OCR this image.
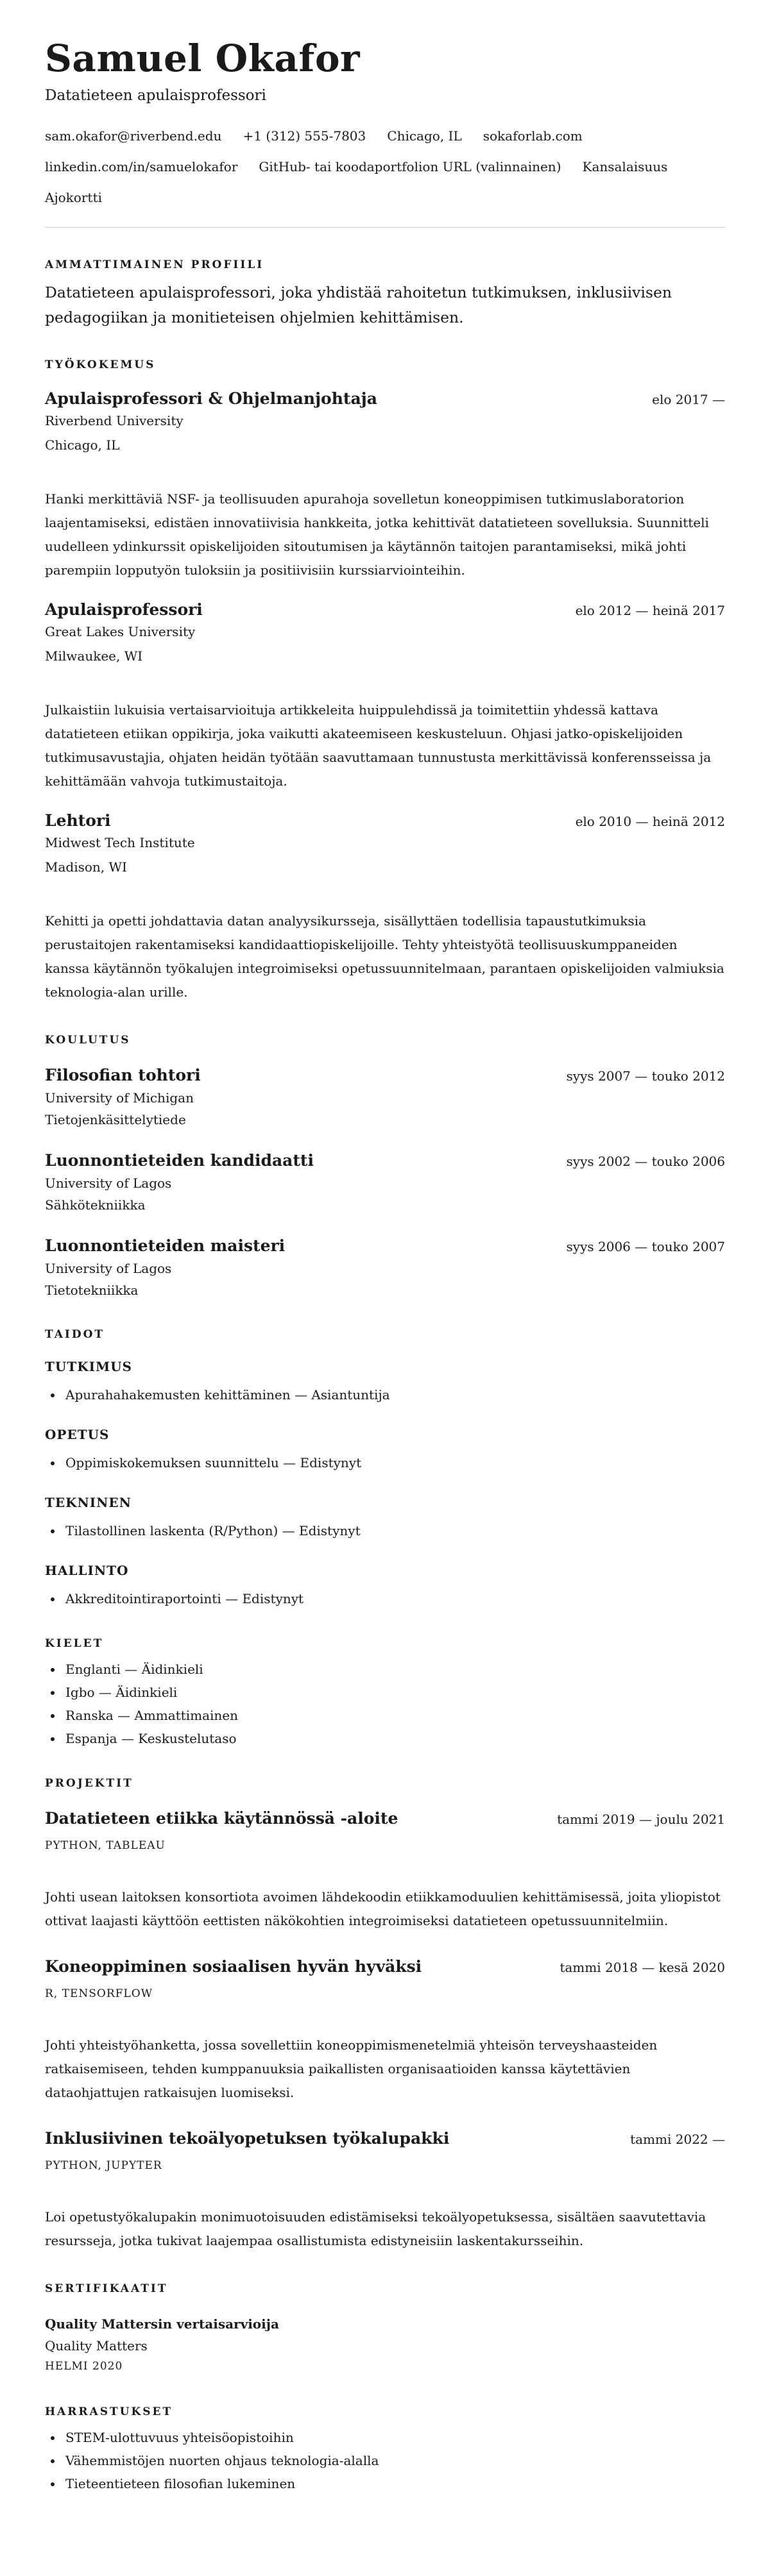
Samuel Okafor
Datatieteen apulaisprofessori
sam.okafor@riverbend.edu +1 (312) 555-7803 Chicago, IL sokaforlab.com
linkedin.com/in/samuelokafor GitHub- tai koodaportfolion URL (valinnainen) Kansalaisuus
Ajokortti
AMMATTIMAINEN PROFIILI

Datatieteen apulaisprofessori, joka yhdistää rahoitetun tutkimuksen, inklusiivisen pedagogiikan ja monitieteisen ohjelmien kehittämisen.

TYÖKOKEMUS
Apulaisprofessori & Ohjelmanjohtaja	elo 2017 —
Riverbend University
Chicago, IL

Hanki merkittäviä NSF- ja teollisuuden apurahoja sovelletun koneoppimisen tutkimuslaboratorion laajentamiseksi, edistäen innovatiivisia hankkeita, jotka kehittivät datatieteen sovelluksia. Suunnitteli uudelleen ydinkurssit opiskelijoiden sitoutumisen ja käytännön taitojen parantamiseksi, mikä johti parempiin lopputyön tuloksiin ja positiivisiin kurssiarviointeihin.

Apulaisprofessori	elo 2012 — heinä 2017
Great Lakes University
Milwaukee, WI

Julkaistiin lukuisia vertaisarvioituja artikkeleita huippulehdissä ja toimitettiin yhdessä kattava datatieteen etiikan oppikirja, joka vaikutti akateemiseen keskusteluun. Ohjasi jatko-opiskelijoiden tutkimusavustajia, ohjaten heidän työtään saavuttamaan tunnustusta merkittävissä konferensseissa ja kehittämään vahvoja tutkimustaitoja.

Lehtori	elo 2010 — heinä 2012
Midwest Tech Institute
Madison, WI

Kehitti ja opetti johdattavia datan analyysikursseja, sisällyttäen todellisia tapaustutkimuksia perustaitojen rakentamiseksi kandidaattiopiskelijoille. Tehty yhteistyötä teollisuuskumppaneiden kanssa käytännön työkalujen integroimiseksi opetussuunnitelmaan, parantaen opiskelijoiden valmiuksia teknologia-alan urille.

KOULUTUS
Filosofian tohtori	syys 2007 — touko 2012
University of Michigan
Tietojenkäsittelytiede
Luonnontieteiden kandidaatti	syys 2002 — touko 2006
University of Lagos
Sähkötekniikka
Luonnontieteiden maisteri	syys 2006 — touko 2007
University of Lagos
Tietotekniikka
TAIDOT
TUTKIMUS
• Apurahahakemusten kehittäminen — Asiantuntija
OPETUS
• Oppimiskokemuksen suunnittelu — Edistynyt
TEKNINEN
• Tilastollinen laskenta (R/Python) — Edistynyt
HALLINTO
• Akkreditointiraportointi — Edistynyt
KIELET
• Englanti — Äidinkieli
• Igbo — Äidinkieli
• Ranska — Ammattimainen
• Espanja — Keskustelutaso
PROJEKTIT
Datatieteen etiikka käytännössä -aloite	tammi 2019 — joulu 2021
PYTHON, TABLEAU

Johti usean laitoksen konsortiota avoimen lähdekoodin etiikkamoduulien kehittämisessä, joita yliopistot ottivat laajasti käyttöön eettisten näkökohtien integroimiseksi datatieteen opetussuunnitelmiin.

Koneoppiminen sosiaalisen hyvän hyväksi	tammi 2018 — kesä 2020
R, TENSORFLOW

Johti yhteistyöhanketta, jossa sovellettiin koneoppimismenetelmiä yhteisön terveyshaasteiden ratkaisemiseen, tehden kumppanuuksia paikallisten organisaatioiden kanssa käytettävien dataohjattujen ratkaisujen luomiseksi.

Inklusiivinen tekoälyopetuksen työkalupakki	tammi 2022 —
PYTHON, JUPYTER

Loi opetustyökalupakin monimuotoisuuden edistämiseksi tekoälyopetuksessa, sisältäen saavutettavia resursseja, jotka tukivat laajempaa osallistumista edistyneisiin laskentakursseihin.

SERTIFIKAATIT
Quality Mattersin vertaisarvioija
Quality Matters
HELMI 2020
HARRASTUKSET
• STEM-ulottuvuus yhteisöopistoihin
• Vähemmistöjen nuorten ohjaus teknologia-alalla
• Tieteentieteen filosofian lukeminen
